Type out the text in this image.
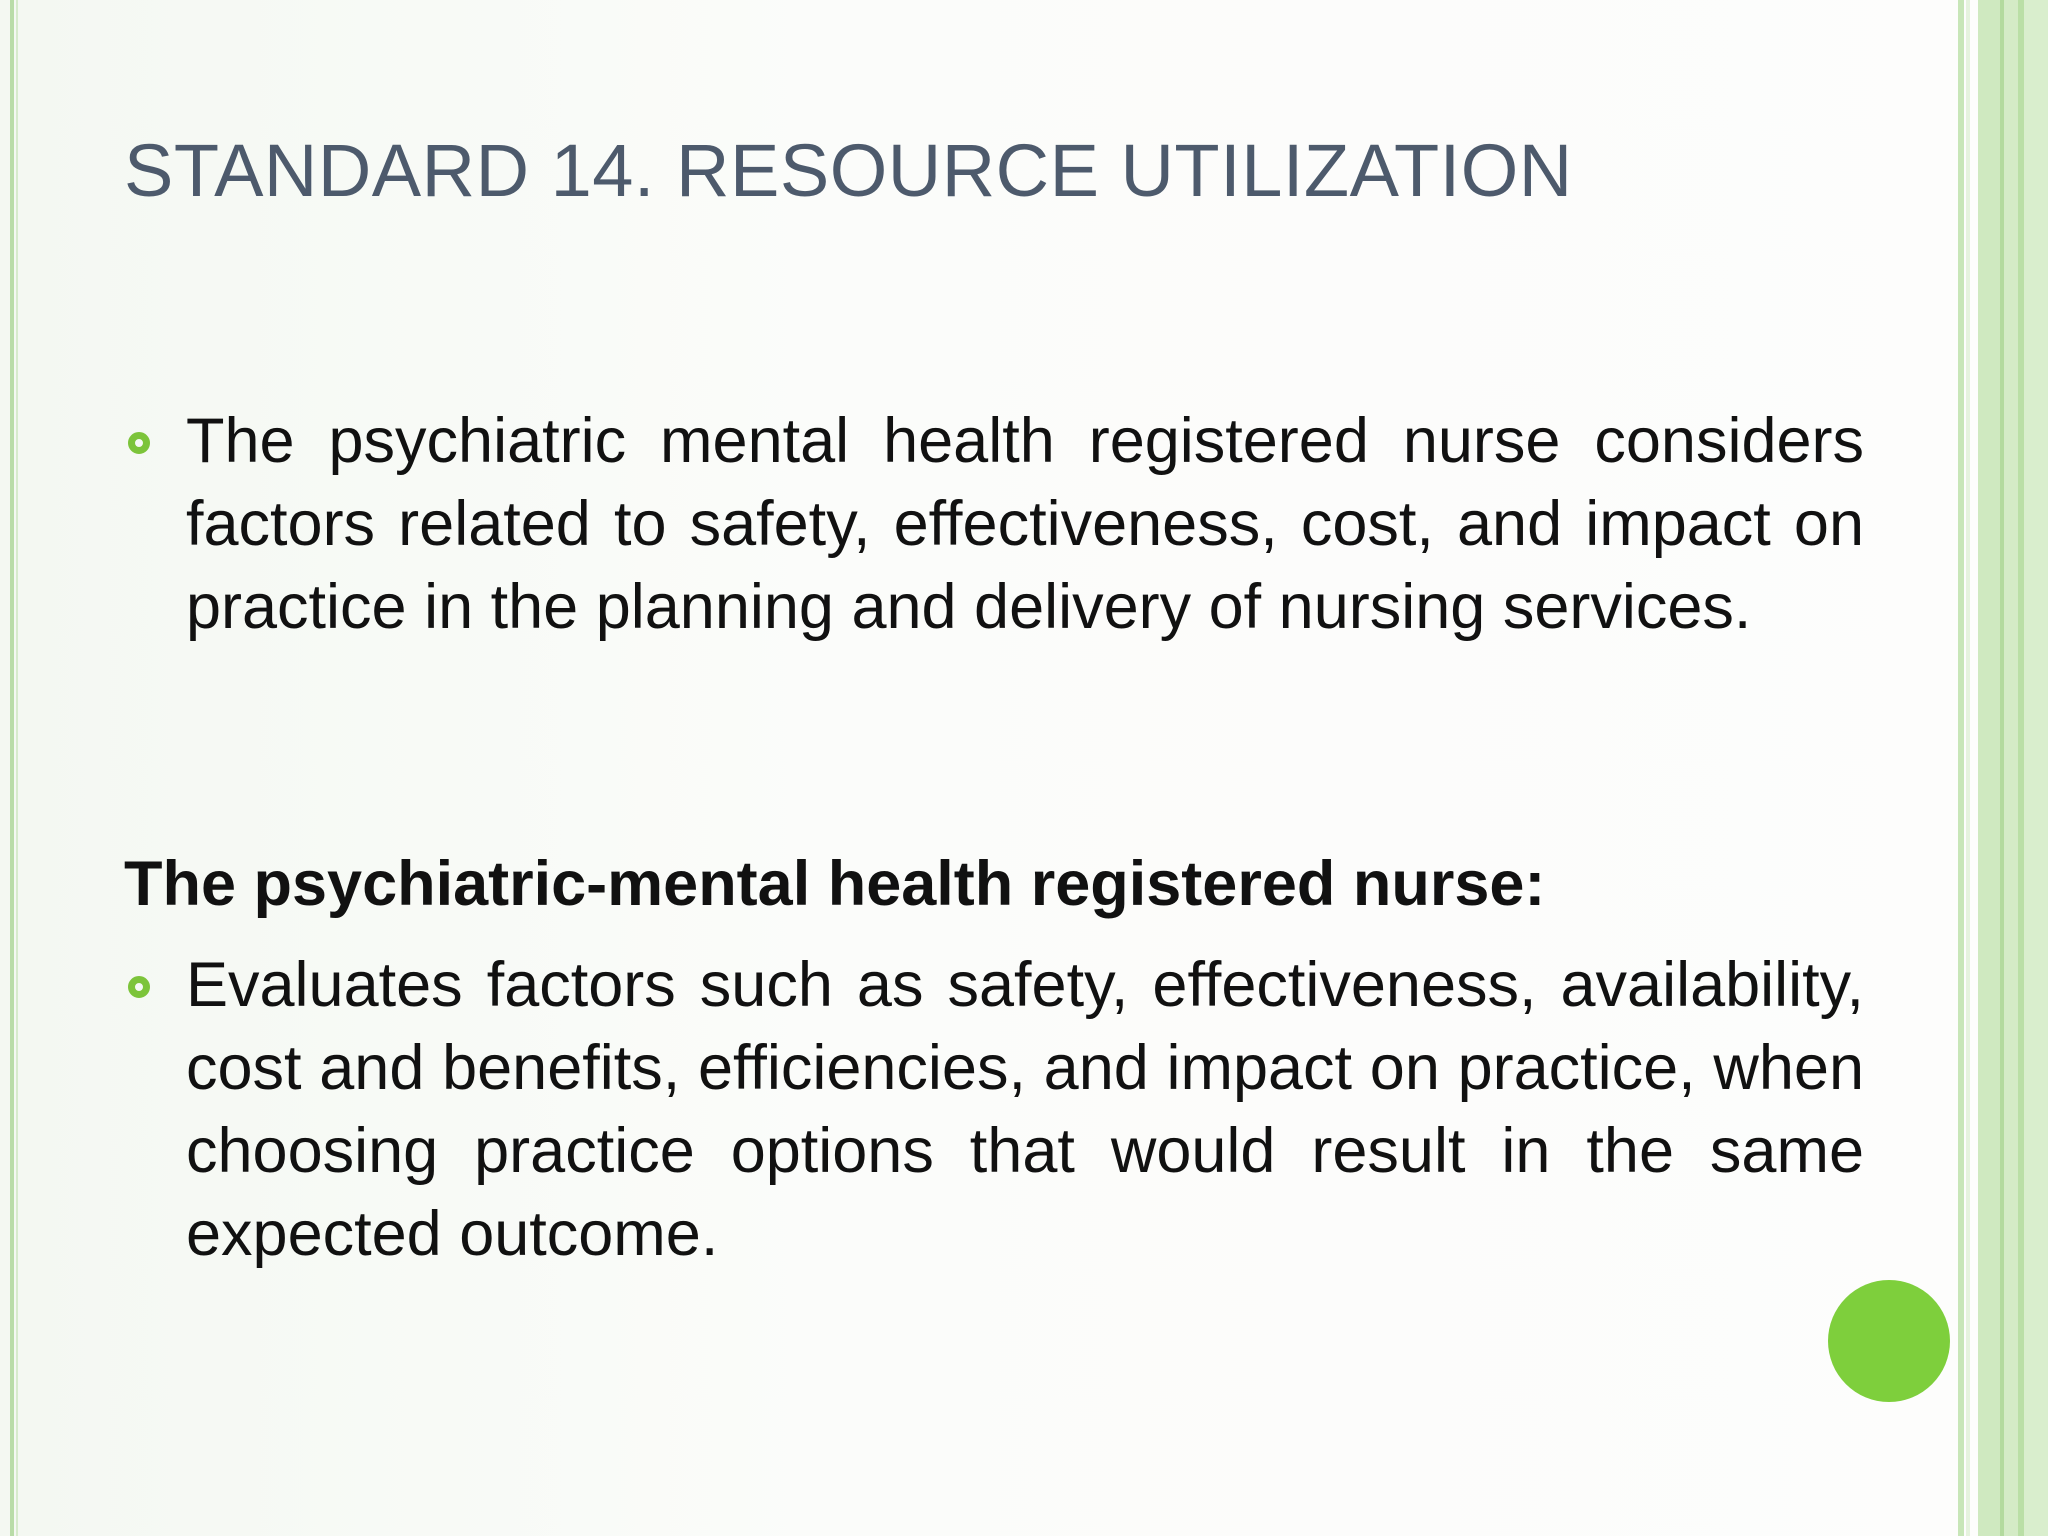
STANDARD 14. RESOURCE UTILIZATION
The psychiatric mental health registered nurse considers factors related to safety, effectiveness, cost, and impact on practice in the planning and delivery of nursing services.
The psychiatric-mental health registered nurse:
Evaluates factors such as safety, effectiveness, availability, cost and benefits, efficiencies, and impact on practice, when choosing practice options that would result in the same expected outcome.
